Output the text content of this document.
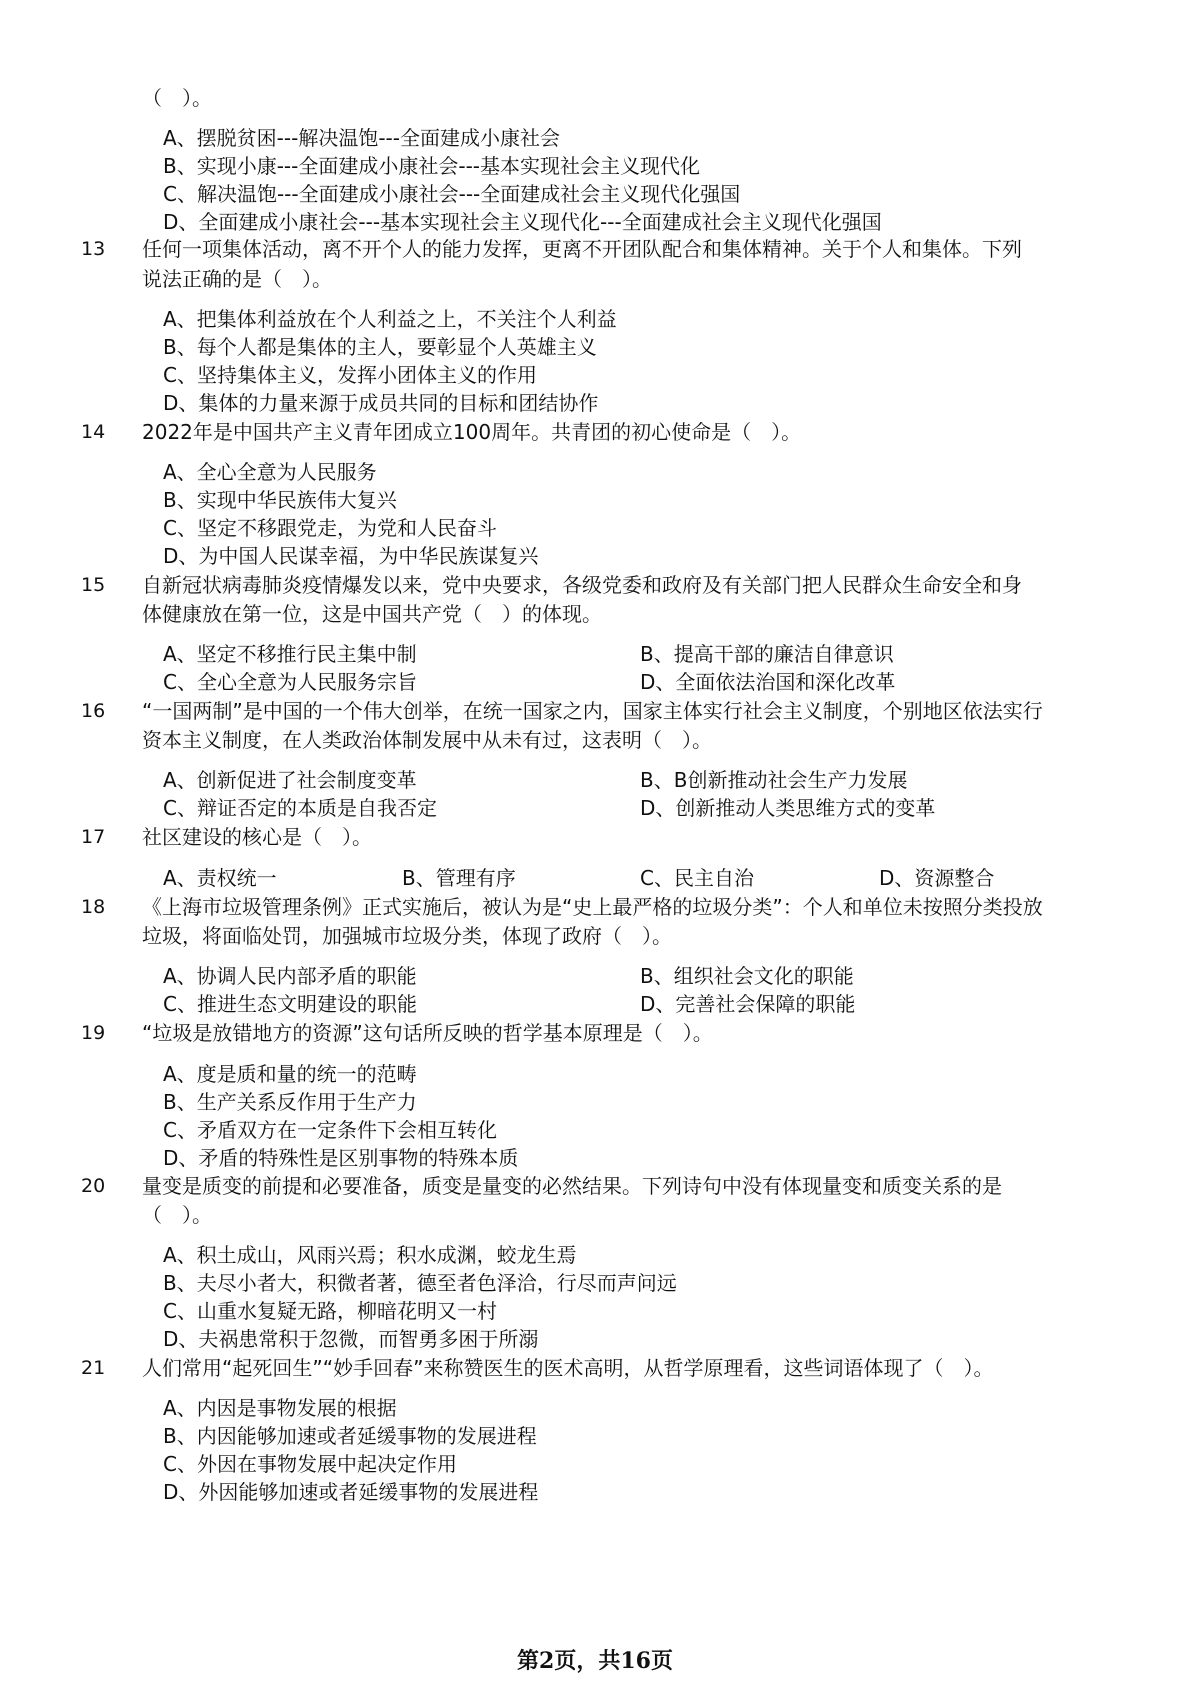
（　）。
A、摆脱贫困---解决温饱---全面建成小康社会
B、实现小康---全面建成小康社会---基本实现社会主义现代化
C、解决温饱---全面建成小康社会---全面建成社会主义现代化强国
D、全面建成小康社会---基本实现社会主义现代化---全面建成社会主义现代化强国
13 任何一项集体活动，离不开个人的能力发挥，更离不开团队配合和集体精神。关于个人和集体。下列
说法正确的是（　）。
A、把集体利益放在个人利益之上，不关注个人利益
B、每个人都是集体的主人，要彰显个人英雄主义
C、坚持集体主义，发挥小团体主义的作用
D、集体的力量来源于成员共同的目标和团结协作
14 2022年是中国共产主义青年团成立100周年。共青团的初心使命是（　）。
A、全心全意为人民服务
B、实现中华民族伟大复兴
C、坚定不移跟党走，为党和人民奋斗
D、为中国人民谋幸福，为中华民族谋复兴
15 自新冠状病毒肺炎疫情爆发以来，党中央要求，各级党委和政府及有关部门把人民群众生命安全和身
体健康放在第一位，这是中国共产党（　）的体现。
A、坚定不移推行民主集中制	B、提高干部的廉洁自律意识
C、全心全意为人民服务宗旨	D、全面依法治国和深化改革
16 “一国两制”是中国的一个伟大创举，在统一国家之内，国家主体实行社会主义制度，个别地区依法实行
资本主义制度，在人类政治体制发展中从未有过，这表明（　）。
A、创新促进了社会制度变革	B、B创新推动社会生产力发展
C、辩证否定的本质是自我否定	D、创新推动人类思维方式的变革
17 社区建设的核心是（　）。
A、责权统一	B、管理有序	C、民主自治	D、资源整合
18 《上海市垃圾管理条例》正式实施后，被认为是“史上最严格的垃圾分类”：个人和单位未按照分类投放
垃圾，将面临处罚，加强城市垃圾分类，体现了政府（　）。
A、协调人民内部矛盾的职能	B、组织社会文化的职能
C、推进生态文明建设的职能	D、完善社会保障的职能
19 “垃圾是放错地方的资源”这句话所反映的哲学基本原理是（　）。
A、度是质和量的统一的范畴
B、生产关系反作用于生产力
C、矛盾双方在一定条件下会相互转化
D、矛盾的特殊性是区别事物的特殊本质
20 量变是质变的前提和必要准备，质变是量变的必然结果。下列诗句中没有体现量变和质变关系的是
（　）。
A、积土成山，风雨兴焉；积水成渊，蛟龙生焉
B、夫尽小者大，积微者著，德至者色泽洽，行尽而声问远
C、山重水复疑无路，柳暗花明又一村
D、夫祸患常积于忽微，而智勇多困于所溺
21 人们常用“起死回生”“妙手回春”来称赞医生的医术高明，从哲学原理看，这些词语体现了（　）。
A、内因是事物发展的根据
B、内因能够加速或者延缓事物的发展进程
C、外因在事物发展中起决定作用
D、外因能够加速或者延缓事物的发展进程
第2页，共16页
